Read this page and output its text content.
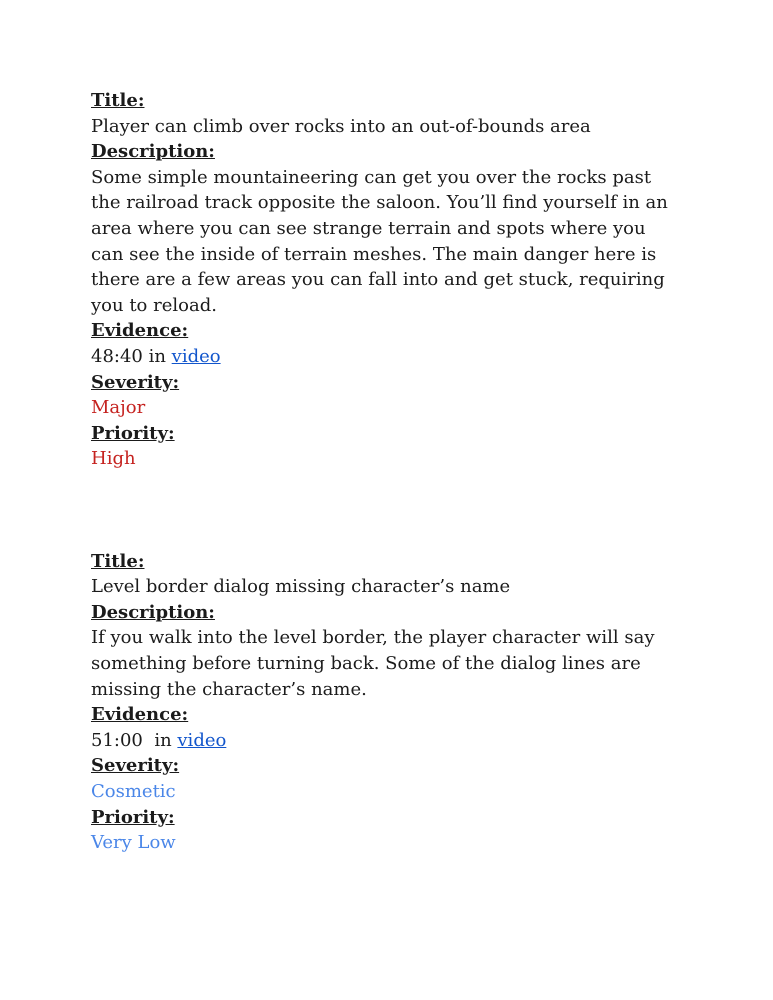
Title:
Player can climb over rocks into an out-of-bounds area
Description:
Some simple mountaineering can get you over the rocks past the railroad track opposite the saloon. You’ll find yourself in an area where you can see strange terrain and spots where you can see the inside of terrain meshes. The main danger here is there are a few areas you can fall into and get stuck, requiring you to reload.
Evidence:
48:40 in video
Severity:
Major
Priority:
High
Title:
Level border dialog missing character’s name
Description:
If you walk into the level border, the player character will say something before turning back. Some of the dialog lines are missing the character’s name.
Evidence:
51:00  in video
Severity:
Cosmetic
Priority:
Very Low
